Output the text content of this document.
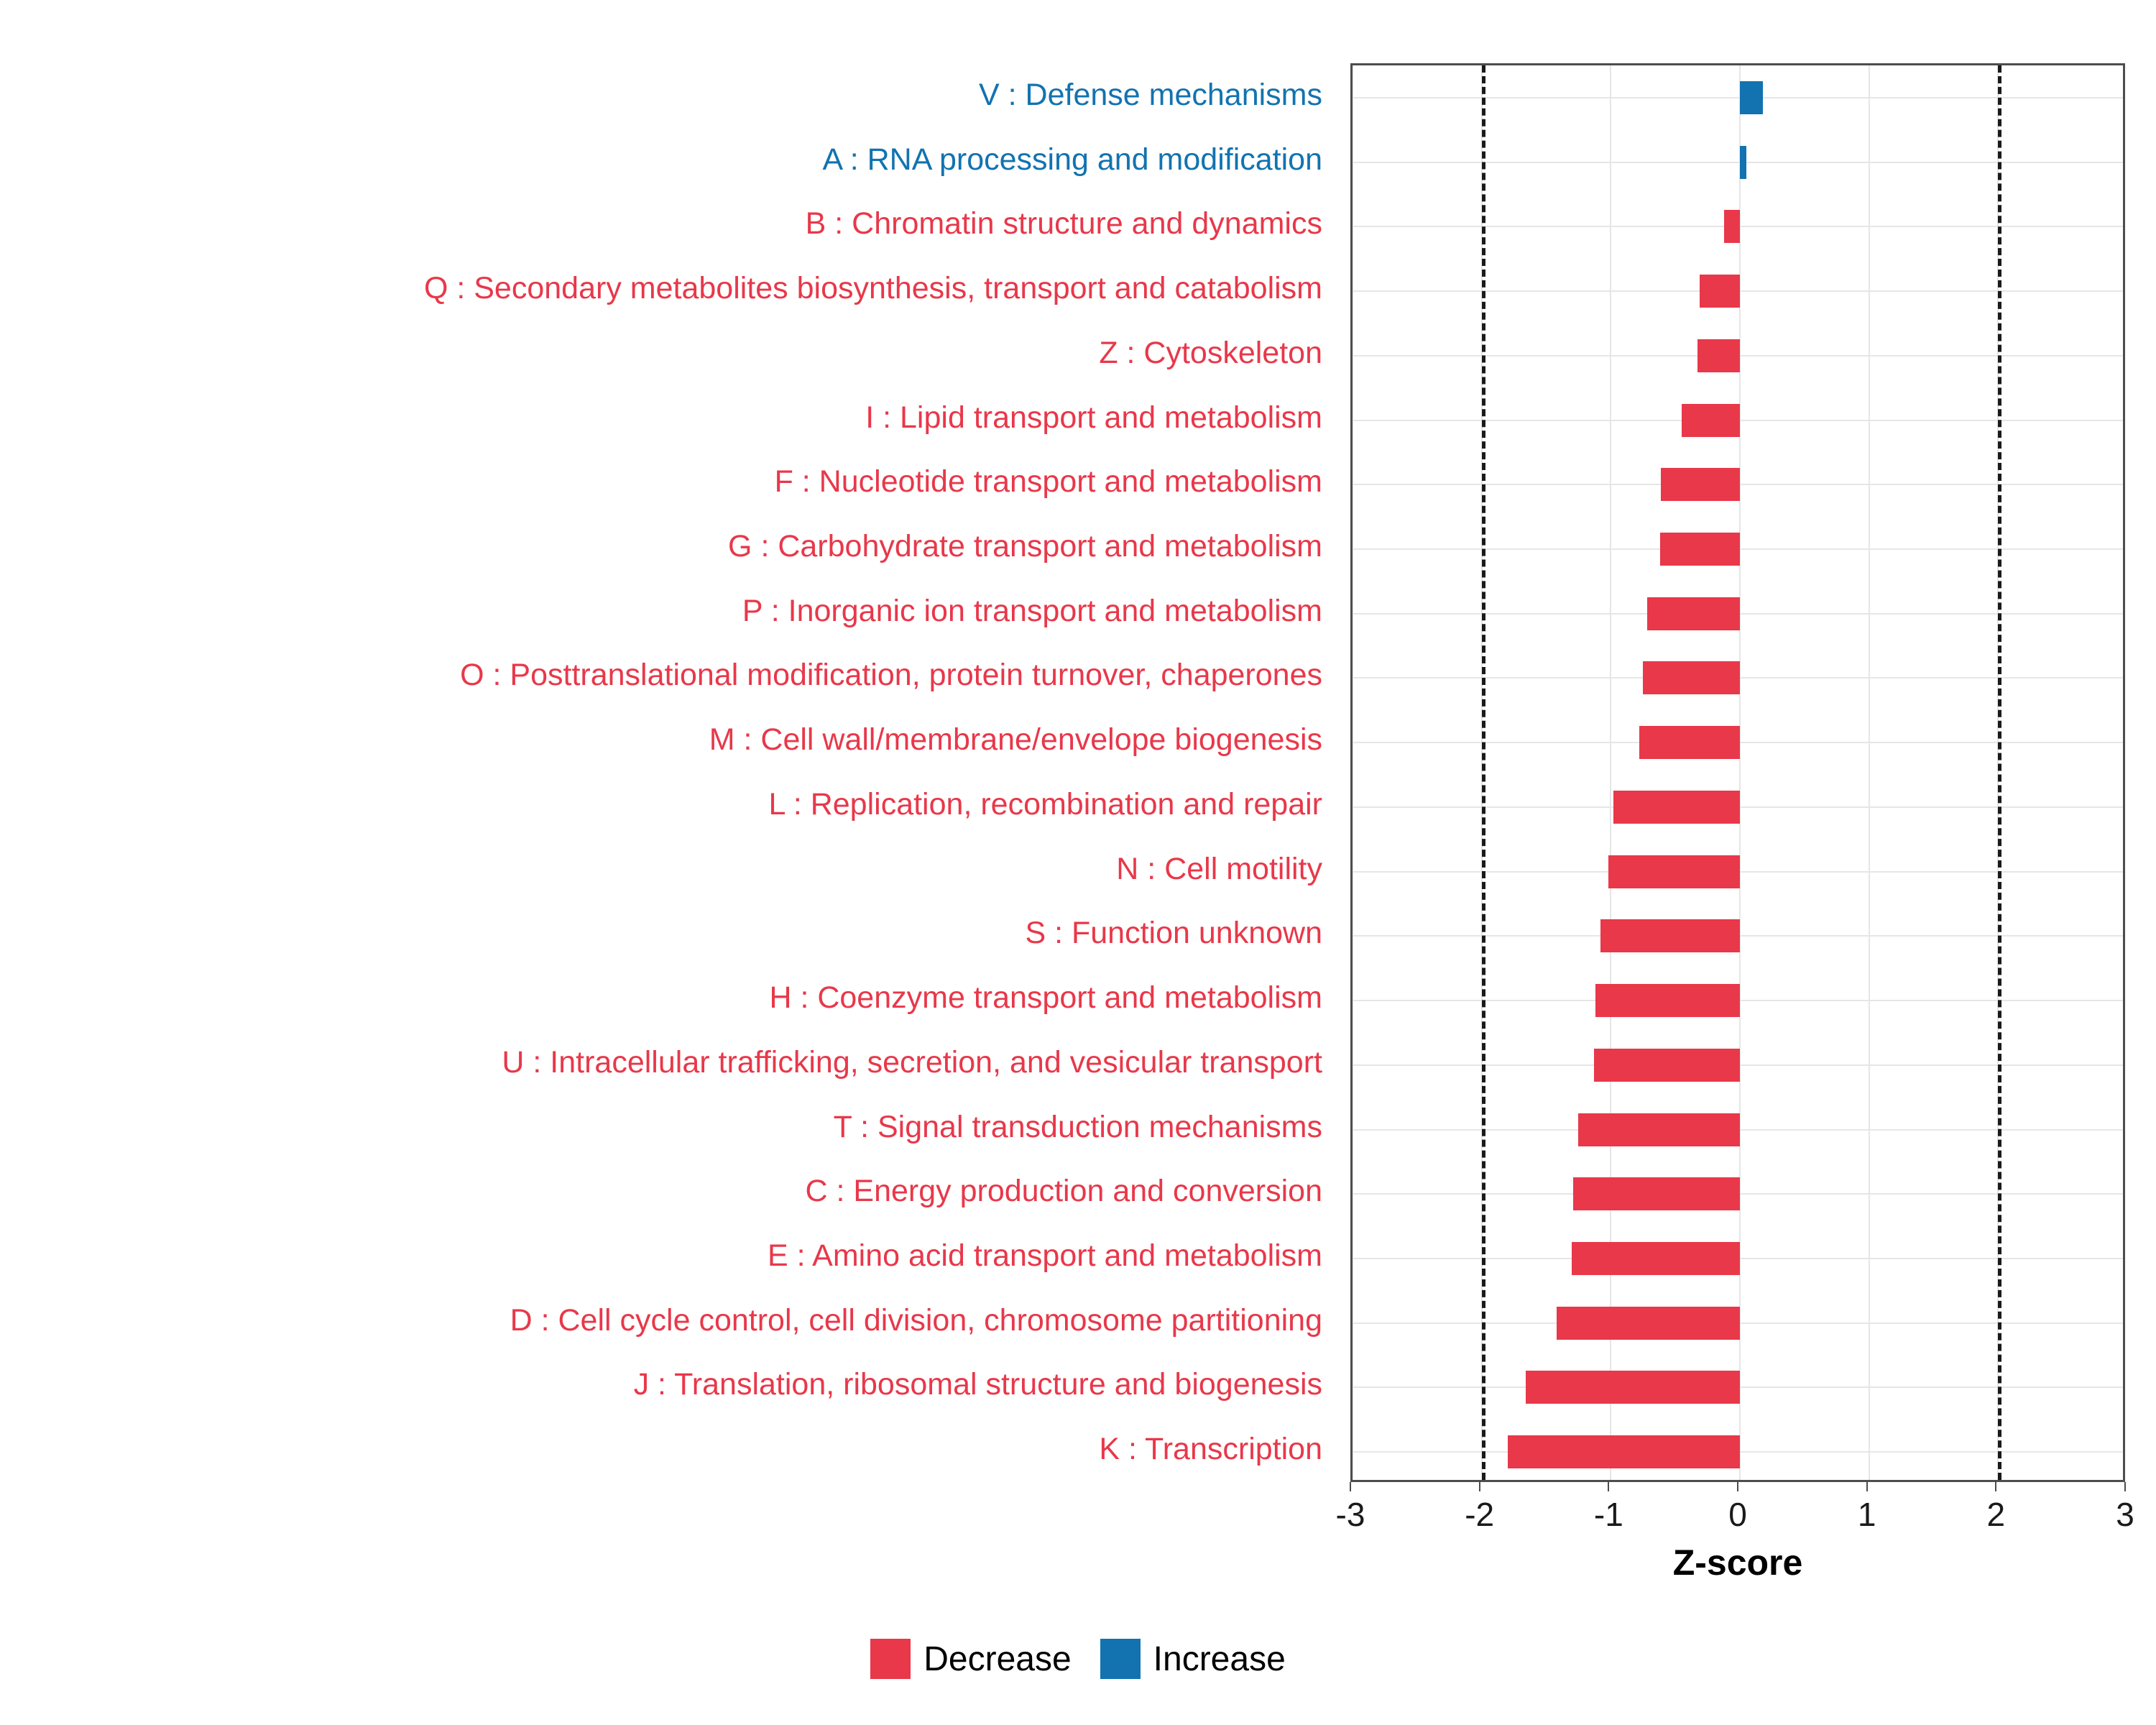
V : Defense mechanisms
A : RNA processing and modification
B : Chromatin structure and dynamics
Q : Secondary metabolites biosynthesis, transport and catabolism
Z : Cytoskeleton
I : Lipid transport and metabolism
F : Nucleotide transport and metabolism
G : Carbohydrate transport and metabolism
P : Inorganic ion transport and metabolism
O : Posttranslational modification, protein turnover, chaperones
M : Cell wall/membrane/envelope biogenesis
L : Replication, recombination and repair
N : Cell motility
S : Function unknown
H : Coenzyme transport and metabolism
U : Intracellular trafficking, secretion, and vesicular transport
T : Signal transduction mechanisms
C : Energy production and conversion
E : Amino acid transport and metabolism
D : Cell cycle control, cell division, chromosome partitioning
J : Translation, ribosomal structure and biogenesis
K : Transcription
-3	-2	-1	0	1	2	3
Z-score
Decrease Increase
